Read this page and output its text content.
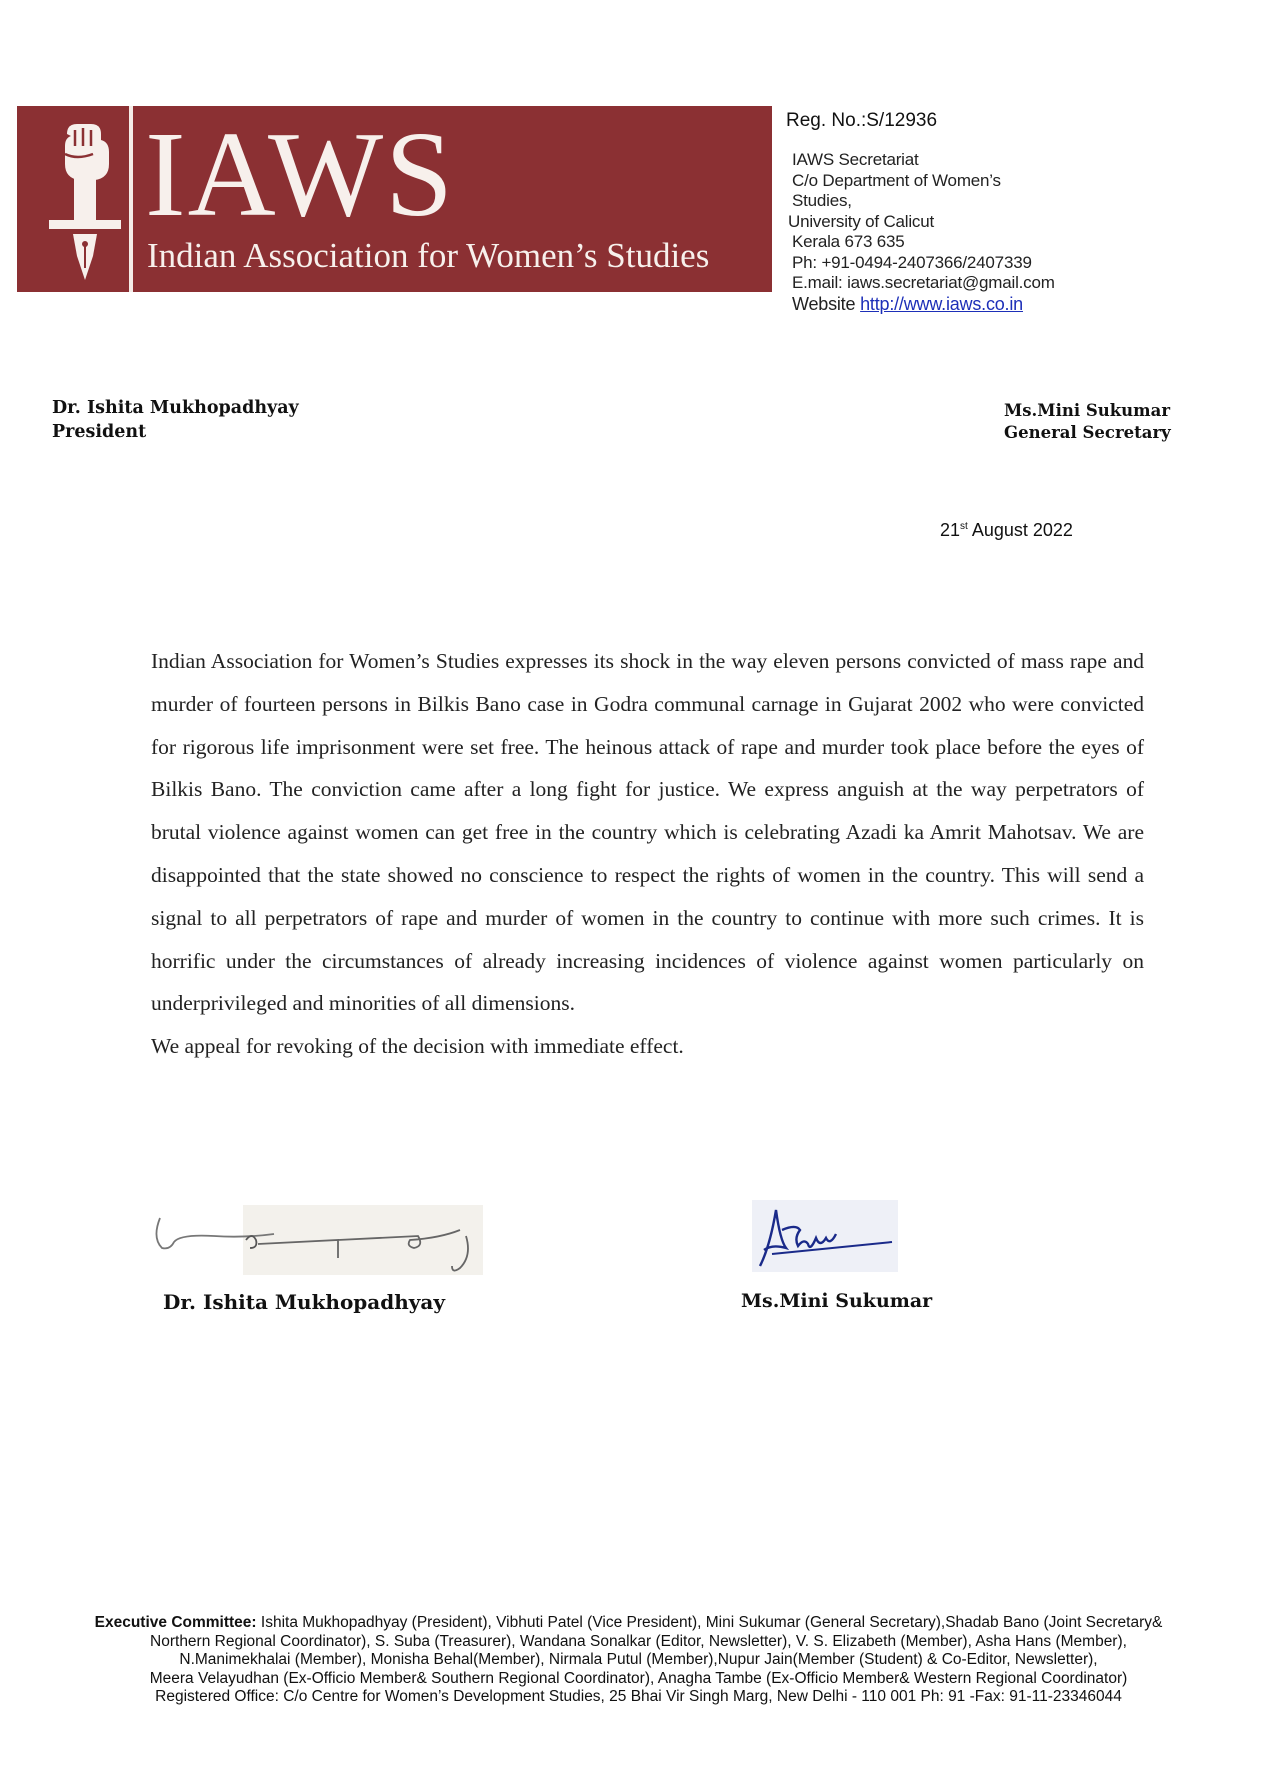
IAWS
Indian Association for Women’s Studies
Reg. No.:S/12936
IAWS Secretariat
C/o Department of Women’s
Studies,
University of Calicut
Kerala 673 635
Ph: +91-0494-2407366/2407339
E.mail: iaws.secretariat@gmail.com
Website http://www.iaws.co.in
Dr. Ishita Mukhopadhyay
President
Ms.Mini Sukumar
General Secretary
21st August 2022

Indian Association for Women’s Studies expresses its shock in the way eleven persons convicted of mass rape and murder of fourteen persons in Bilkis Bano case in Godra communal carnage in Gujarat 2002 who were convicted for rigorous life imprisonment were set free. The heinous attack of rape and murder took place before the eyes of Bilkis Bano. The conviction came after a long fight for justice. We express anguish at the way perpetrators of brutal violence against women can get free in the country which is celebrating Azadi ka Amrit Mahotsav. We are disappointed that the state showed no conscience to respect the rights of women in the country. This will send a signal to all perpetrators of rape and murder of women in the country to continue with more such crimes. It is horrific under the circumstances of already increasing incidences of violence against women particularly on underprivileged and minorities of all dimensions.

We appeal for revoking of the decision with immediate effect.

Dr. Ishita Mukhopadhyay	Ms.Mini Sukumar
Executive Committee: Ishita Mukhopadhyay (President), Vibhuti Patel (Vice President), Mini Sukumar (General Secretary),Shadab Bano (Joint Secretary&
Northern Regional Coordinator), S. Suba (Treasurer), Wandana Sonalkar (Editor, Newsletter), V. S. Elizabeth (Member), Asha Hans (Member),
N.Manimekhalai (Member), Monisha Behal(Member), Nirmala Putul (Member),Nupur Jain(Member (Student) & Co-Editor, Newsletter),
Meera Velayudhan (Ex-Officio Member& Southern Regional Coordinator), Anagha Tambe (Ex-Officio Member& Western Regional Coordinator)
Registered Office: C/o Centre for Women’s Development Studies, 25 Bhai Vir Singh Marg, New Delhi - 110 001 Ph: 91 -Fax: 91-11-23346044
